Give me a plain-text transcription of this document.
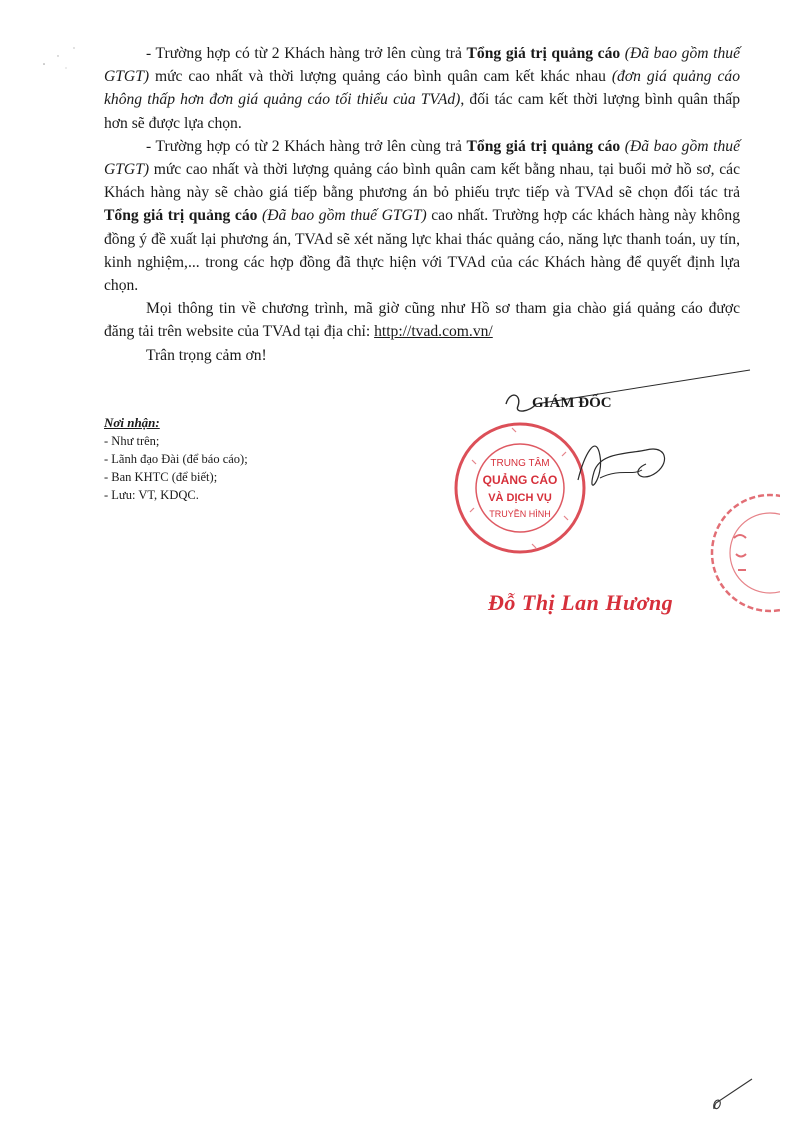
- Trường hợp có từ 2 Khách hàng trở lên cùng trả Tổng giá trị quảng cáo (Đã bao gồm thuế GTGT) mức cao nhất và thời lượng quảng cáo bình quân cam kết khác nhau (đơn giá quảng cáo không thấp hơn đơn giá quảng cáo tối thiểu của TVAd), đối tác cam kết thời lượng bình quân thấp hơn sẽ được lựa chọn.

- Trường hợp có từ 2 Khách hàng trở lên cùng trả Tổng giá trị quảng cáo (Đã bao gồm thuế GTGT) mức cao nhất và thời lượng quảng cáo bình quân cam kết bằng nhau, tại buổi mở hồ sơ, các Khách hàng này sẽ chào giá tiếp bằng phương án bỏ phiếu trực tiếp và TVAd sẽ chọn đối tác trả Tổng giá trị quảng cáo (Đã bao gồm thuế GTGT) cao nhất. Trường hợp các khách hàng này không đồng ý đề xuất lại phương án, TVAd sẽ xét năng lực khai thác quảng cáo, năng lực thanh toán, uy tín, kinh nghiệm,... trong các hợp đồng đã thực hiện với TVAd của các Khách hàng để quyết định lựa chọn.

Mọi thông tin về chương trình, mã giờ cũng như Hồ sơ tham gia chào giá quảng cáo được đăng tải trên website của TVAd tại địa chỉ: http://tvad.com.vn/

Trân trọng cảm ơn!

Nơi nhận:
- Như trên;
- Lãnh đạo Đài (để báo cáo);
- Ban KHTC (để biết);
- Lưu: VT, KDQC.
TRUNG TÂM
QUẢNG CÁO
VÀ DỊCH VỤ
TRUYỀN HÌNH
GIÁM ĐỐC
Đỗ Thị Lan Hương
